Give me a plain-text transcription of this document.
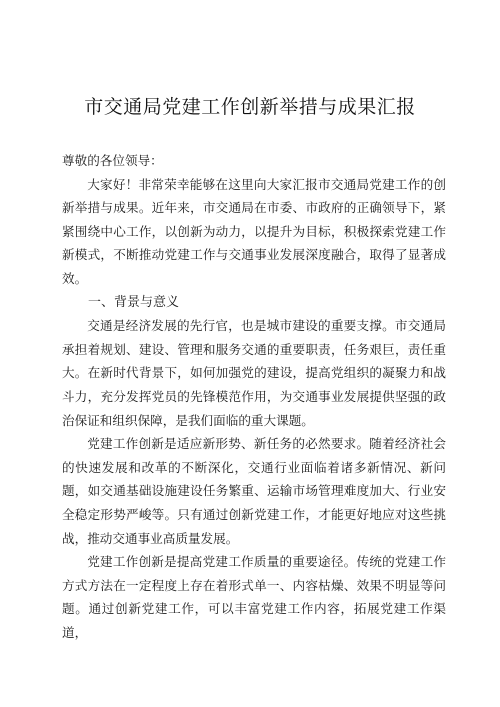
市交通局党建工作创新举措与成果汇报

尊敬的各位领导：

大家好！非常荣幸能够在这里向大家汇报市交通局党建工作的创新举措与成果。近年来，市交通局在市委、市政府的正确领导下，紧紧围绕中心工作，以创新为动力，以提升为目标，积极探索党建工作新模式，不断推动党建工作与交通事业发展深度融合，取得了显著成效。

一、背景与意义

交通是经济发展的先行官，也是城市建设的重要支撑。市交通局承担着规划、建设、管理和服务交通的重要职责，任务艰巨，责任重大。在新时代背景下，如何加强党的建设，提高党组织的凝聚力和战斗力，充分发挥党员的先锋模范作用，为交通事业发展提供坚强的政治保证和组织保障，是我们面临的重大课题。

党建工作创新是适应新形势、新任务的必然要求。随着经济社会的快速发展和改革的不断深化，交通行业面临着诸多新情况、新问题，如交通基础设施建设任务繁重、运输市场管理难度加大、行业安全稳定形势严峻等。只有通过创新党建工作，才能更好地应对这些挑战，推动交通事业高质量发展。

党建工作创新是提高党建工作质量的重要途径。传统的党建工作方式方法在一定程度上存在着形式单一、内容枯燥、效果不明显等问题。通过创新党建工作，可以丰富党建工作内容，拓展党建工作渠道，
